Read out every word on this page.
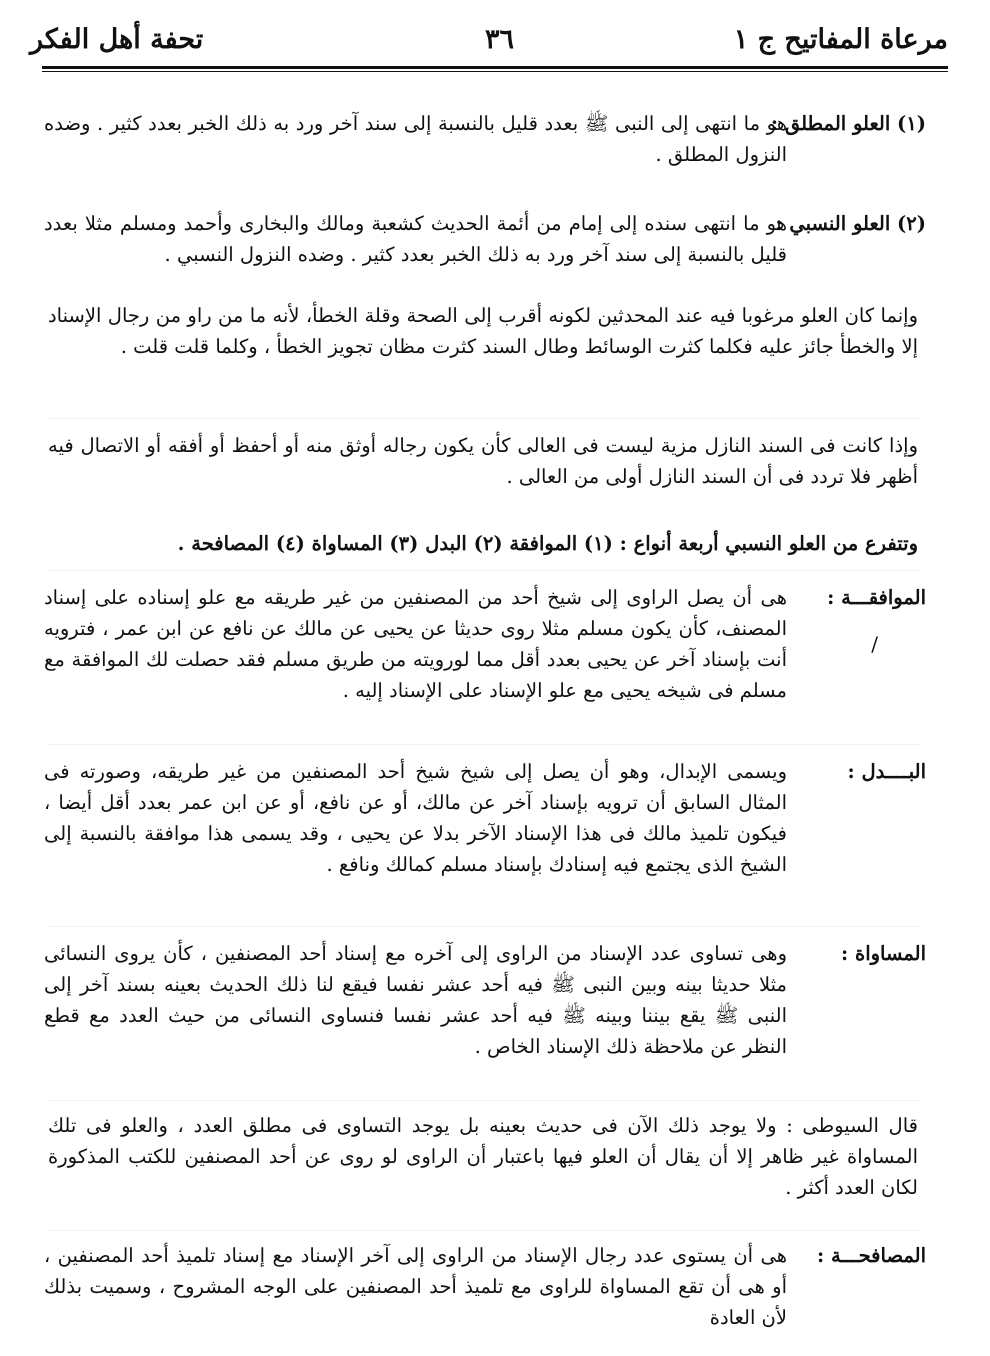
مرعاة المفاتيح ج ١
٣٦
تحفة أهل الفكر
(١) العلو المطلق :
هو ما انتهى إلى النبى ﷺ بعدد قليل بالنسبة إلى سند آخر ورد به ذلك الخبر بعدد كثير . وضده النزول المطلق .
(٢) العلو النسبي :
هو ما انتهى سنده إلى إمام من أئمة الحديث كشعبة ومالك والبخارى وأحمد ومسلم مثلا بعدد قليل بالنسبة إلى سند آخر ورد به ذلك الخبر بعدد كثير . وضده النزول النسبي .
وإنما كان العلو مرغوبا فيه عند المحدثين لكونه أقرب إلى الصحة وقلة الخطأ، لأنه ما من راو من رجال الإسناد إلا والخطأ جائز عليه فكلما كثرت الوسائط وطال السند كثرت مظان تجويز الخطأ ، وكلما قلت قلت .
وإذا كانت فى السند النازل مزية ليست فى العالى كأن يكون رجاله أوثق منه أو أحفظ أو أفقه أو الاتصال فيه أظهر فلا تردد فى أن السند النازل أولى من العالى .
وتتفرع من العلو النسبي أربعة أنواع : (١) الموافقة (٢) البدل (٣) المساواة (٤) المصافحة .
الموافقـــة :
هى أن يصل الراوى إلى شيخ أحد من المصنفين من غير طريقه مع علو إسناده على إسناد المصنف، كأن يكون مسلم مثلا روى حديثا عن يحيى عن مالك عن نافع عن ابن عمر ، فترويه أنت بإسناد آخر عن يحيى بعدد أقل مما لورويته من طريق مسلم فقد حصلت لك الموافقة مع مسلم فى شيخه يحيى مع علو الإسناد على الإسناد إليه .
/
البــــدل :
ويسمى الإبدال، وهو أن يصل إلى شيخ شيخ أحد المصنفين من غير طريقه، وصورته فى المثال السابق أن ترويه بإسناد آخر عن مالك، أو عن نافع، أو عن ابن عمر بعدد أقل أيضا ، فيكون تلميذ مالك فى هذا الإسناد الآخر بدلا عن يحيى ، وقد يسمى هذا موافقة بالنسبة إلى الشيخ الذى يجتمع فيه إسنادك بإسناد مسلم كمالك ونافع .
المساواة :
وهى تساوى عدد الإسناد من الراوى إلى آخره مع إسناد أحد المصنفين ، كأن يروى النسائى مثلا حديثا بينه وبين النبى ﷺ فيه أحد عشر نفسا فيقع لنا ذلك الحديث بعينه بسند آخر إلى النبى ﷺ يقع بيننا وبينه ﷺ فيه أحد عشر نفسا فنساوى النسائى من حيث العدد مع قطع النظر عن ملاحظة ذلك الإسناد الخاص .
قال السيوطى : ولا يوجد ذلك الآن فى حديث بعينه بل يوجد التساوى فى مطلق العدد ، والعلو فى تلك المساواة غير ظاهر إلا أن يقال أن العلو فيها باعتبار أن الراوى لو روى عن أحد المصنفين للكتب المذكورة لكان العدد أكثر .
المصافحـــة :
هى أن يستوى عدد رجال الإسناد من الراوى إلى آخر الإسناد مع إسناد تلميذ أحد المصنفين ، أو هى أن تقع المساواة للراوى مع تلميذ أحد المصنفين على الوجه المشروح ، وسميت بذلك لأن العادة
